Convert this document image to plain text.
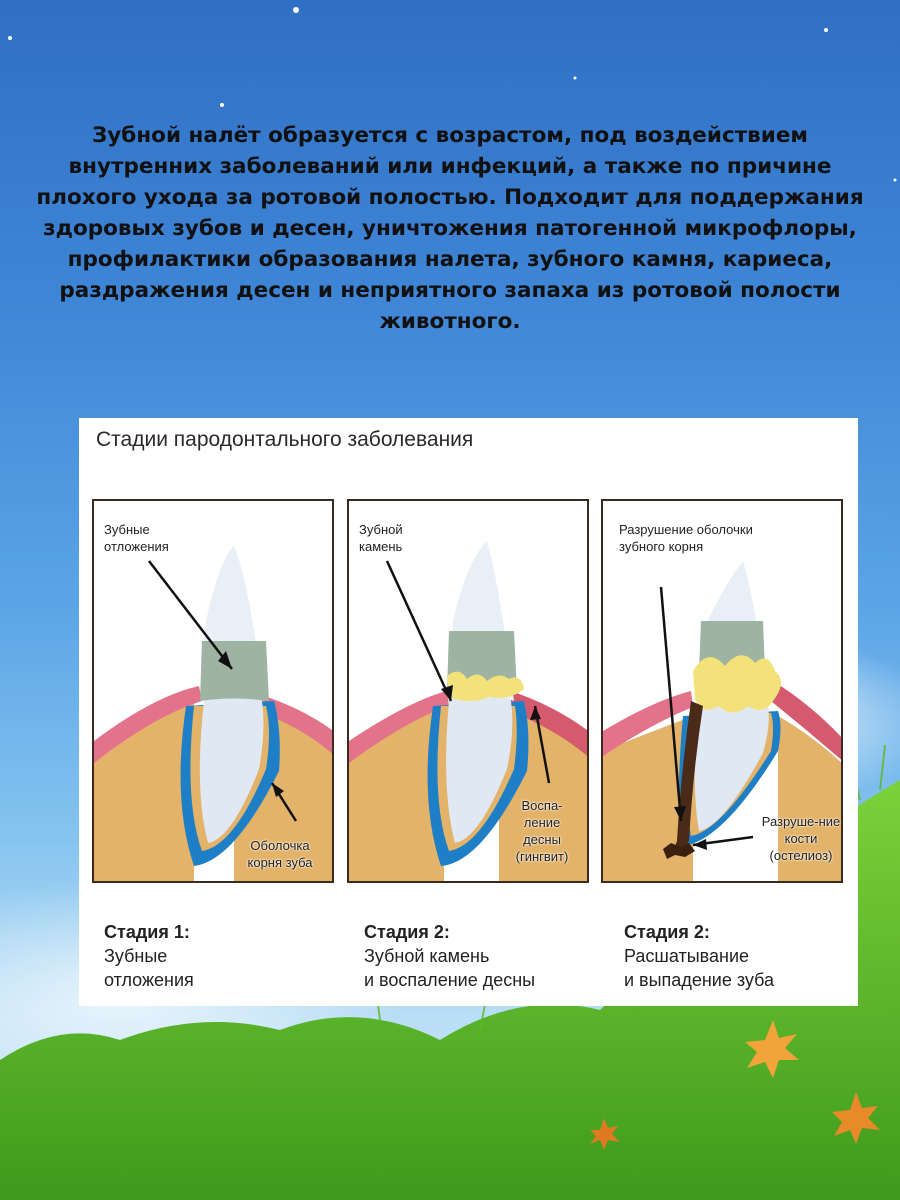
Зубной налёт образуется с возрастом, под воздействием внутренних заболеваний или инфекций, а также по причине плохого ухода за ротовой полостью. Подходит для поддержания здоровых зубов и десен, уничтожения патогенной микрофлоры, профилактики образования налета, зубного камня, кариеса, раздражения десен и неприятного запаха из ротовой полости животного.
Стадии пародонтального заболевания
Зубные отложения
Оболочка корня зуба
Зубной камень
Воспа-ление десны (гингвит)
Разрушение оболочки зубного корня
Разруше-ние кости (остелиоз)
Стадия 1:
Зубные
отложения
Стадия 2:
Зубной камень
и воспаление десны
Стадия 2:
Расшатывание
и выпадение зуба
